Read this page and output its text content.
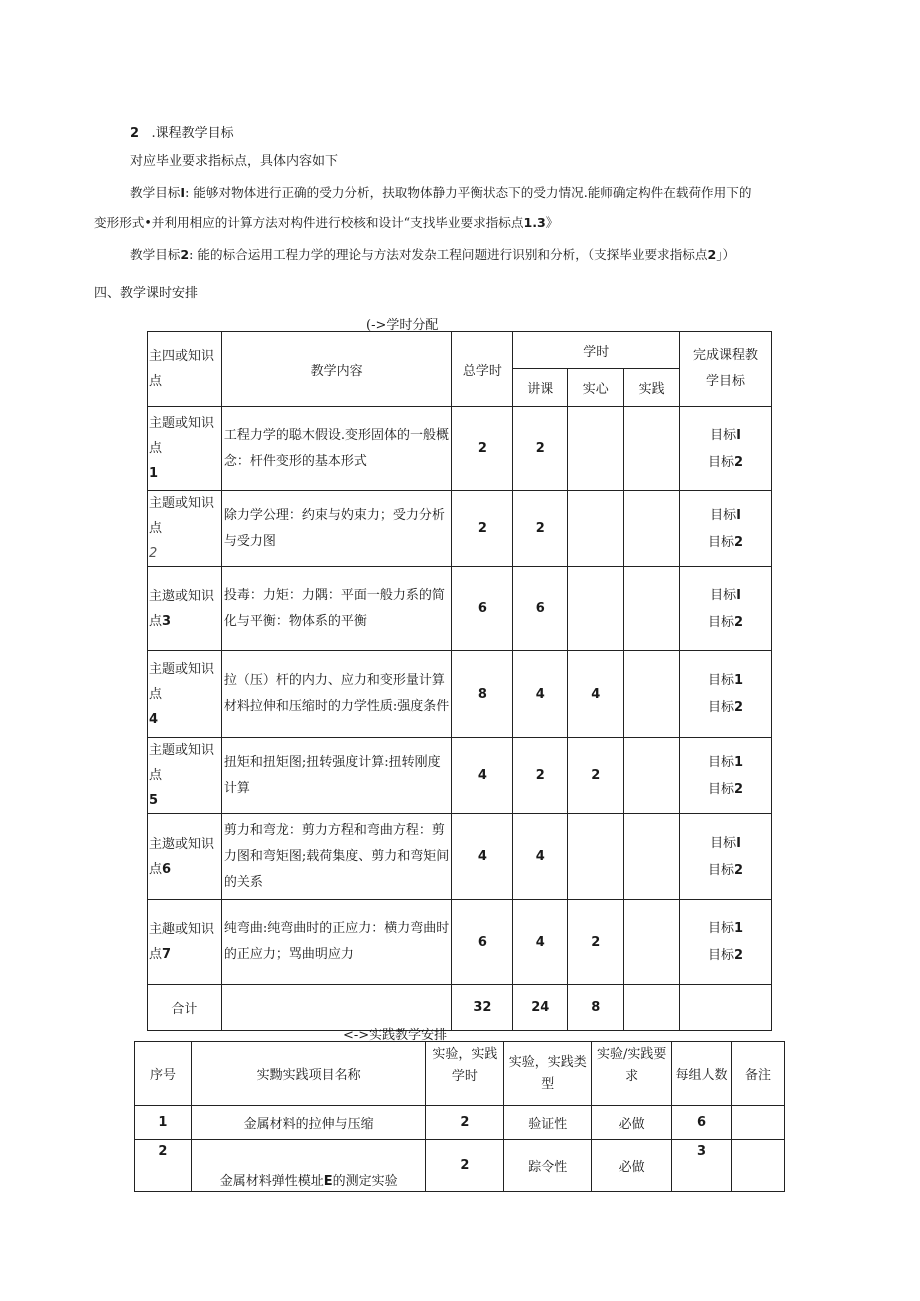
2 .课程教学目标
对应毕业要求指标点，具体内容如下
教学目标I: 能够对物体进行正确的受力分析，扶取物体静力平衡状态下的受力情况.能师确定构件在载荷作用下的
变形形式•并利用相应的计算方法对构件进行校核和设计“支找毕业要求指标点1.3》
教学目标2: 能的标合运用工程力学的理论与方法对发杂工程问题进行识别和分析，（支探毕业要求指标点2」）
四、教学课时安排
(->学时分配
主四或知识点	教学内容	总学时	学时			完成课程教学目标
			讲课	实心	实践	
主题或知识点
1	工程力学的聪木假设.变形固体的一般概念：杆件变形的基本形式	2	2			目标I
目标2
主题或知识点
2	除力学公理：约束与妁束力；受力分析与受力图	2	2			目标I
目标2
主遨或知识点3	投毒：力矩：力隅：平面一般力系的简化与平衡：物体系的平衡	6	6			目标I
目标2
主题或知识点
4	拉（压）杆的内力、应力和变形量计算材料拉伸和压缩时的力学性质:强度条件	8	4	4		目标1
目标2
主题或知识点
5	扭矩和扭矩图;扭转强度计算:扭转刚度计算	4	2	2		目标1
目标2
主遨或知识点6	剪力和弯龙：剪力方程和弯曲方程：剪力图和弯矩图;载荷集度、剪力和弯矩间的关系	4	4			目标I
目标2
主趣或知识点7	纯弯曲:纯弯曲时的正应力：横力弯曲时的正应力；骂曲明应力	6	4	2		目标1
目标2
合计		32	24	8		
<->实践教学安排
序号	实黝实践项目名称	实验，实践学时	实验，实践类型	实验/实践要求	每组人数	备注
1	金属材料的拉伸与压缩	2	验证性	必做	6	
2	金属材料弹性模址E的测定实验	2	踪令性	必做	3	
